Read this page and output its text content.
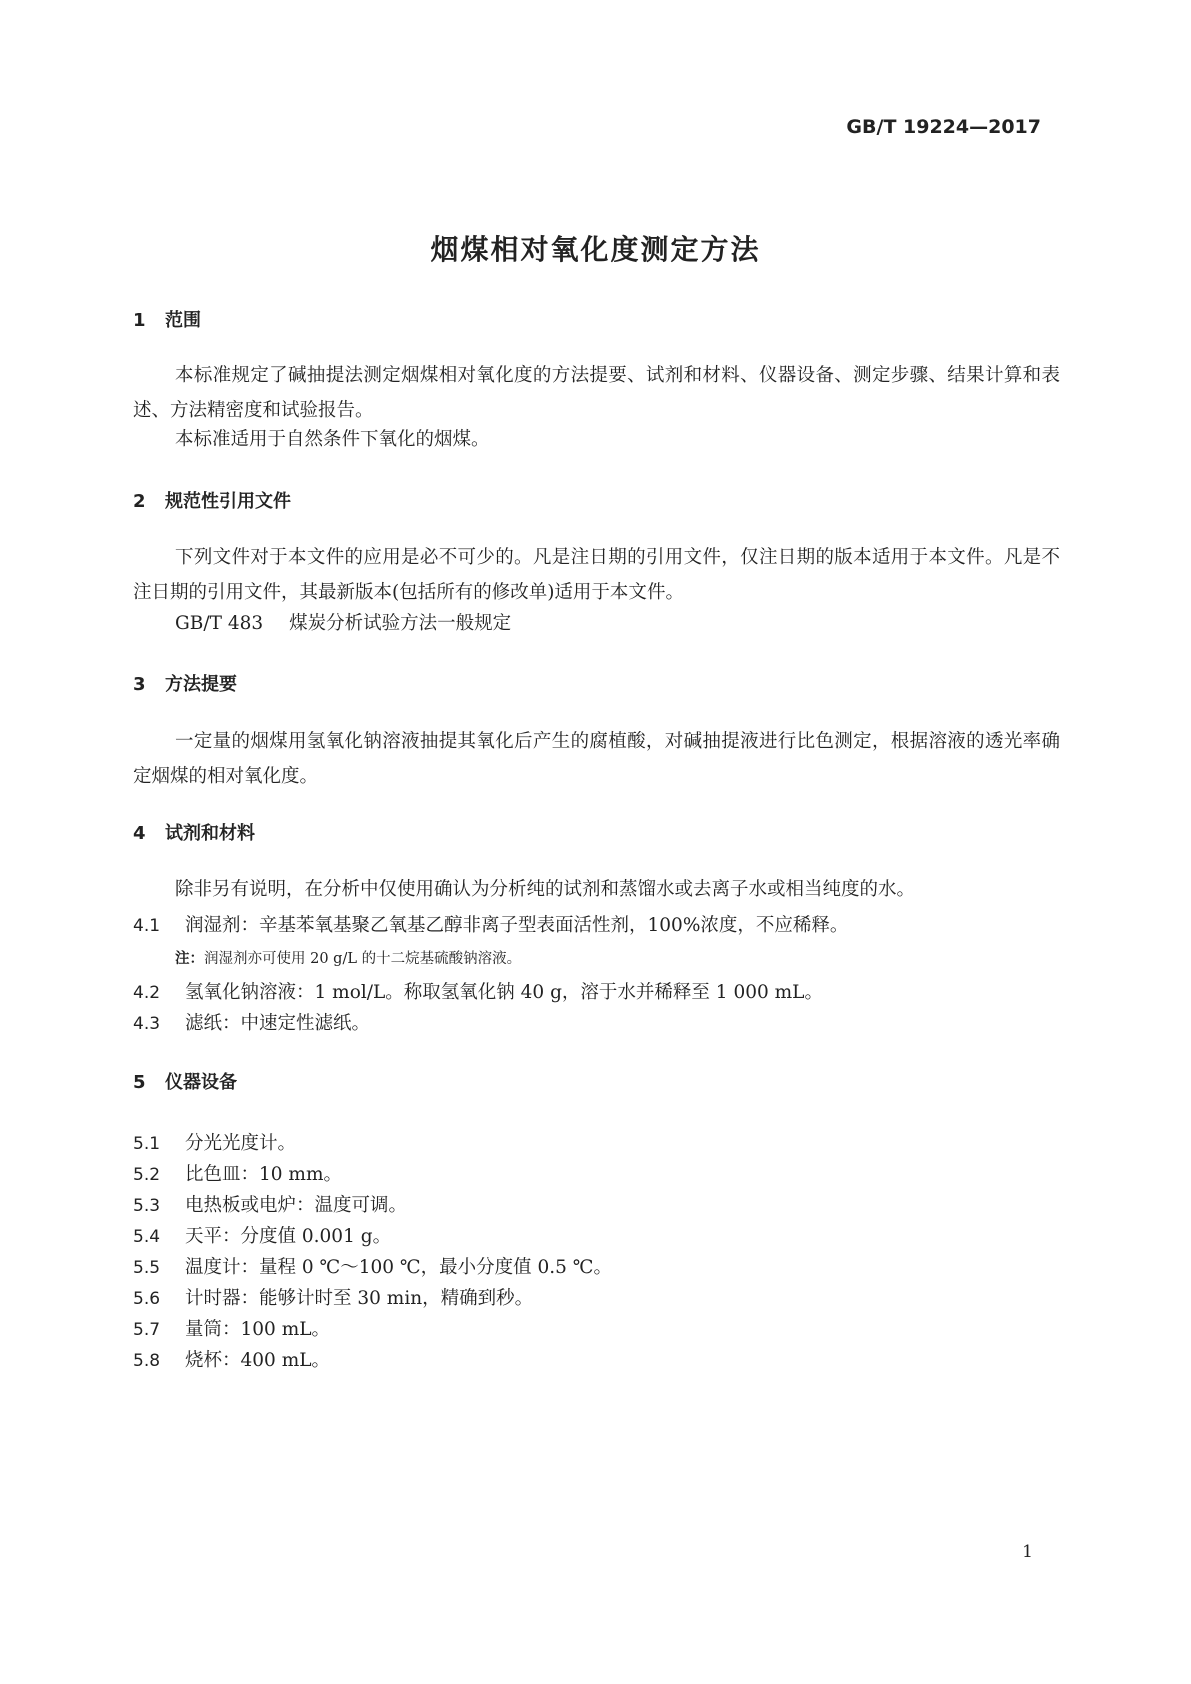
GB/T 19224—2017
烟煤相对氧化度测定方法
1 范围
本标准规定了碱抽提法测定烟煤相对氧化度的方法提要、试剂和材料、仪器设备、测定步骤、结果计算和表述、方法精密度和试验报告。
本标准适用于自然条件下氧化的烟煤。
2 规范性引用文件
下列文件对于本文件的应用是必不可少的。凡是注日期的引用文件，仅注日期的版本适用于本文件。凡是不注日期的引用文件，其最新版本(包括所有的修改单)适用于本文件。
GB/T 483 煤炭分析试验方法一般规定
3 方法提要
一定量的烟煤用氢氧化钠溶液抽提其氧化后产生的腐植酸，对碱抽提液进行比色测定，根据溶液的透光率确定烟煤的相对氧化度。
4 试剂和材料
除非另有说明，在分析中仅使用确认为分析纯的试剂和蒸馏水或去离子水或相当纯度的水。
4.1 润湿剂：辛基苯氧基聚乙氧基乙醇非离子型表面活性剂，100%浓度，不应稀释。
注：润湿剂亦可使用 20 g/L 的十二烷基硫酸钠溶液。
4.2 氢氧化钠溶液：1 mol/L。称取氢氧化钠 40 g，溶于水并稀释至 1 000 mL。
4.3 滤纸：中速定性滤纸。
5 仪器设备
5.1 分光光度计。
5.2 比色皿：10 mm。
5.3 电热板或电炉：温度可调。
5.4 天平：分度值 0.001 g。
5.5 温度计：量程 0 ℃～100 ℃，最小分度值 0.5 ℃。
5.6 计时器：能够计时至 30 min，精确到秒。
5.7 量筒：100 mL。
5.8 烧杯：400 mL。
1
